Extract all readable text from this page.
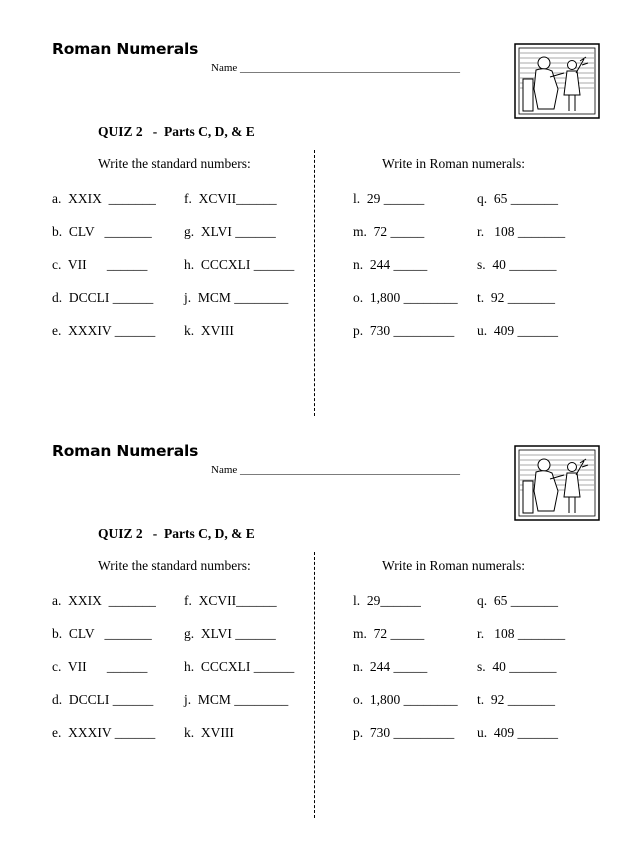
Roman Numerals
Name ________________________________________
QUIZ 2   -  Parts C, D, & E
Write the standard numbers:	Write in Roman numerals:
a.  XXIX  _______
b.  CLV   _______
c.  VII      ______
d.  DCCLI ______
e.  XXXIV ______
f.  XCVII______
g.  XLVI ______
h.  CCCXLI ______
j.  MCM ________
k.  XVIII
l.  29 ______
m.  72 _____
n.  244 _____
o.  1,800 ________
p.  730 _________
q.  65 _______
r.   108 _______
s.  40 _______
t.  92 _______
u.  409 ______
Roman Numerals
Name ________________________________________
QUIZ 2   -  Parts C, D, & E
Write the standard numbers:	Write in Roman numerals:
a.  XXIX  _______
b.  CLV   _______
c.  VII      ______
d.  DCCLI ______
e.  XXXIV ______
f.  XCVII______
g.  XLVI ______
h.  CCCXLI ______
j.  MCM ________
k.  XVIII
l.  29______
m.  72 _____
n.  244 _____
o.  1,800 ________
p.  730 _________
q.  65 _______
r.   108 _______
s.  40 _______
t.  92 _______
u.  409 ______
